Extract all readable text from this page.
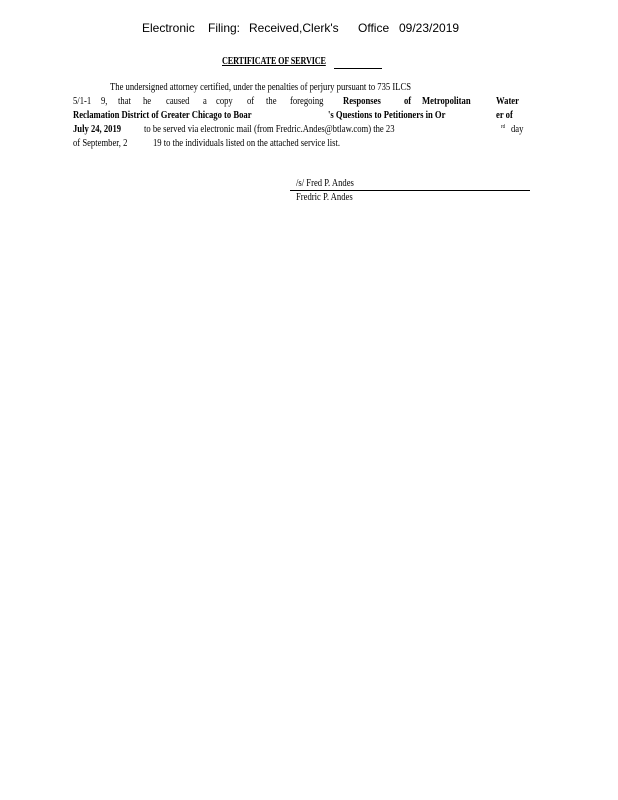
Electronic Filing: Received,Clerk's Office 09/23/2019
CERTIFICATE OF SERVICE
The undersigned attorney certified, under the penalties of perjury pursuant to 735 ILCS
5/1-1 9, that he caused a copy of the foregoing Responses of Metropolitan Water
Reclamation District of Greater Chicago to Boar	's Questions to Petitioners in Or	er of
July 24, 2019 to be served via electronic mail (from Fredric.Andes@btlaw.com) the 23	rd day
of September, 2 19 to the individuals listed on the attached service list.
/s/ Fred P. Andes
Fredric P. Andes
